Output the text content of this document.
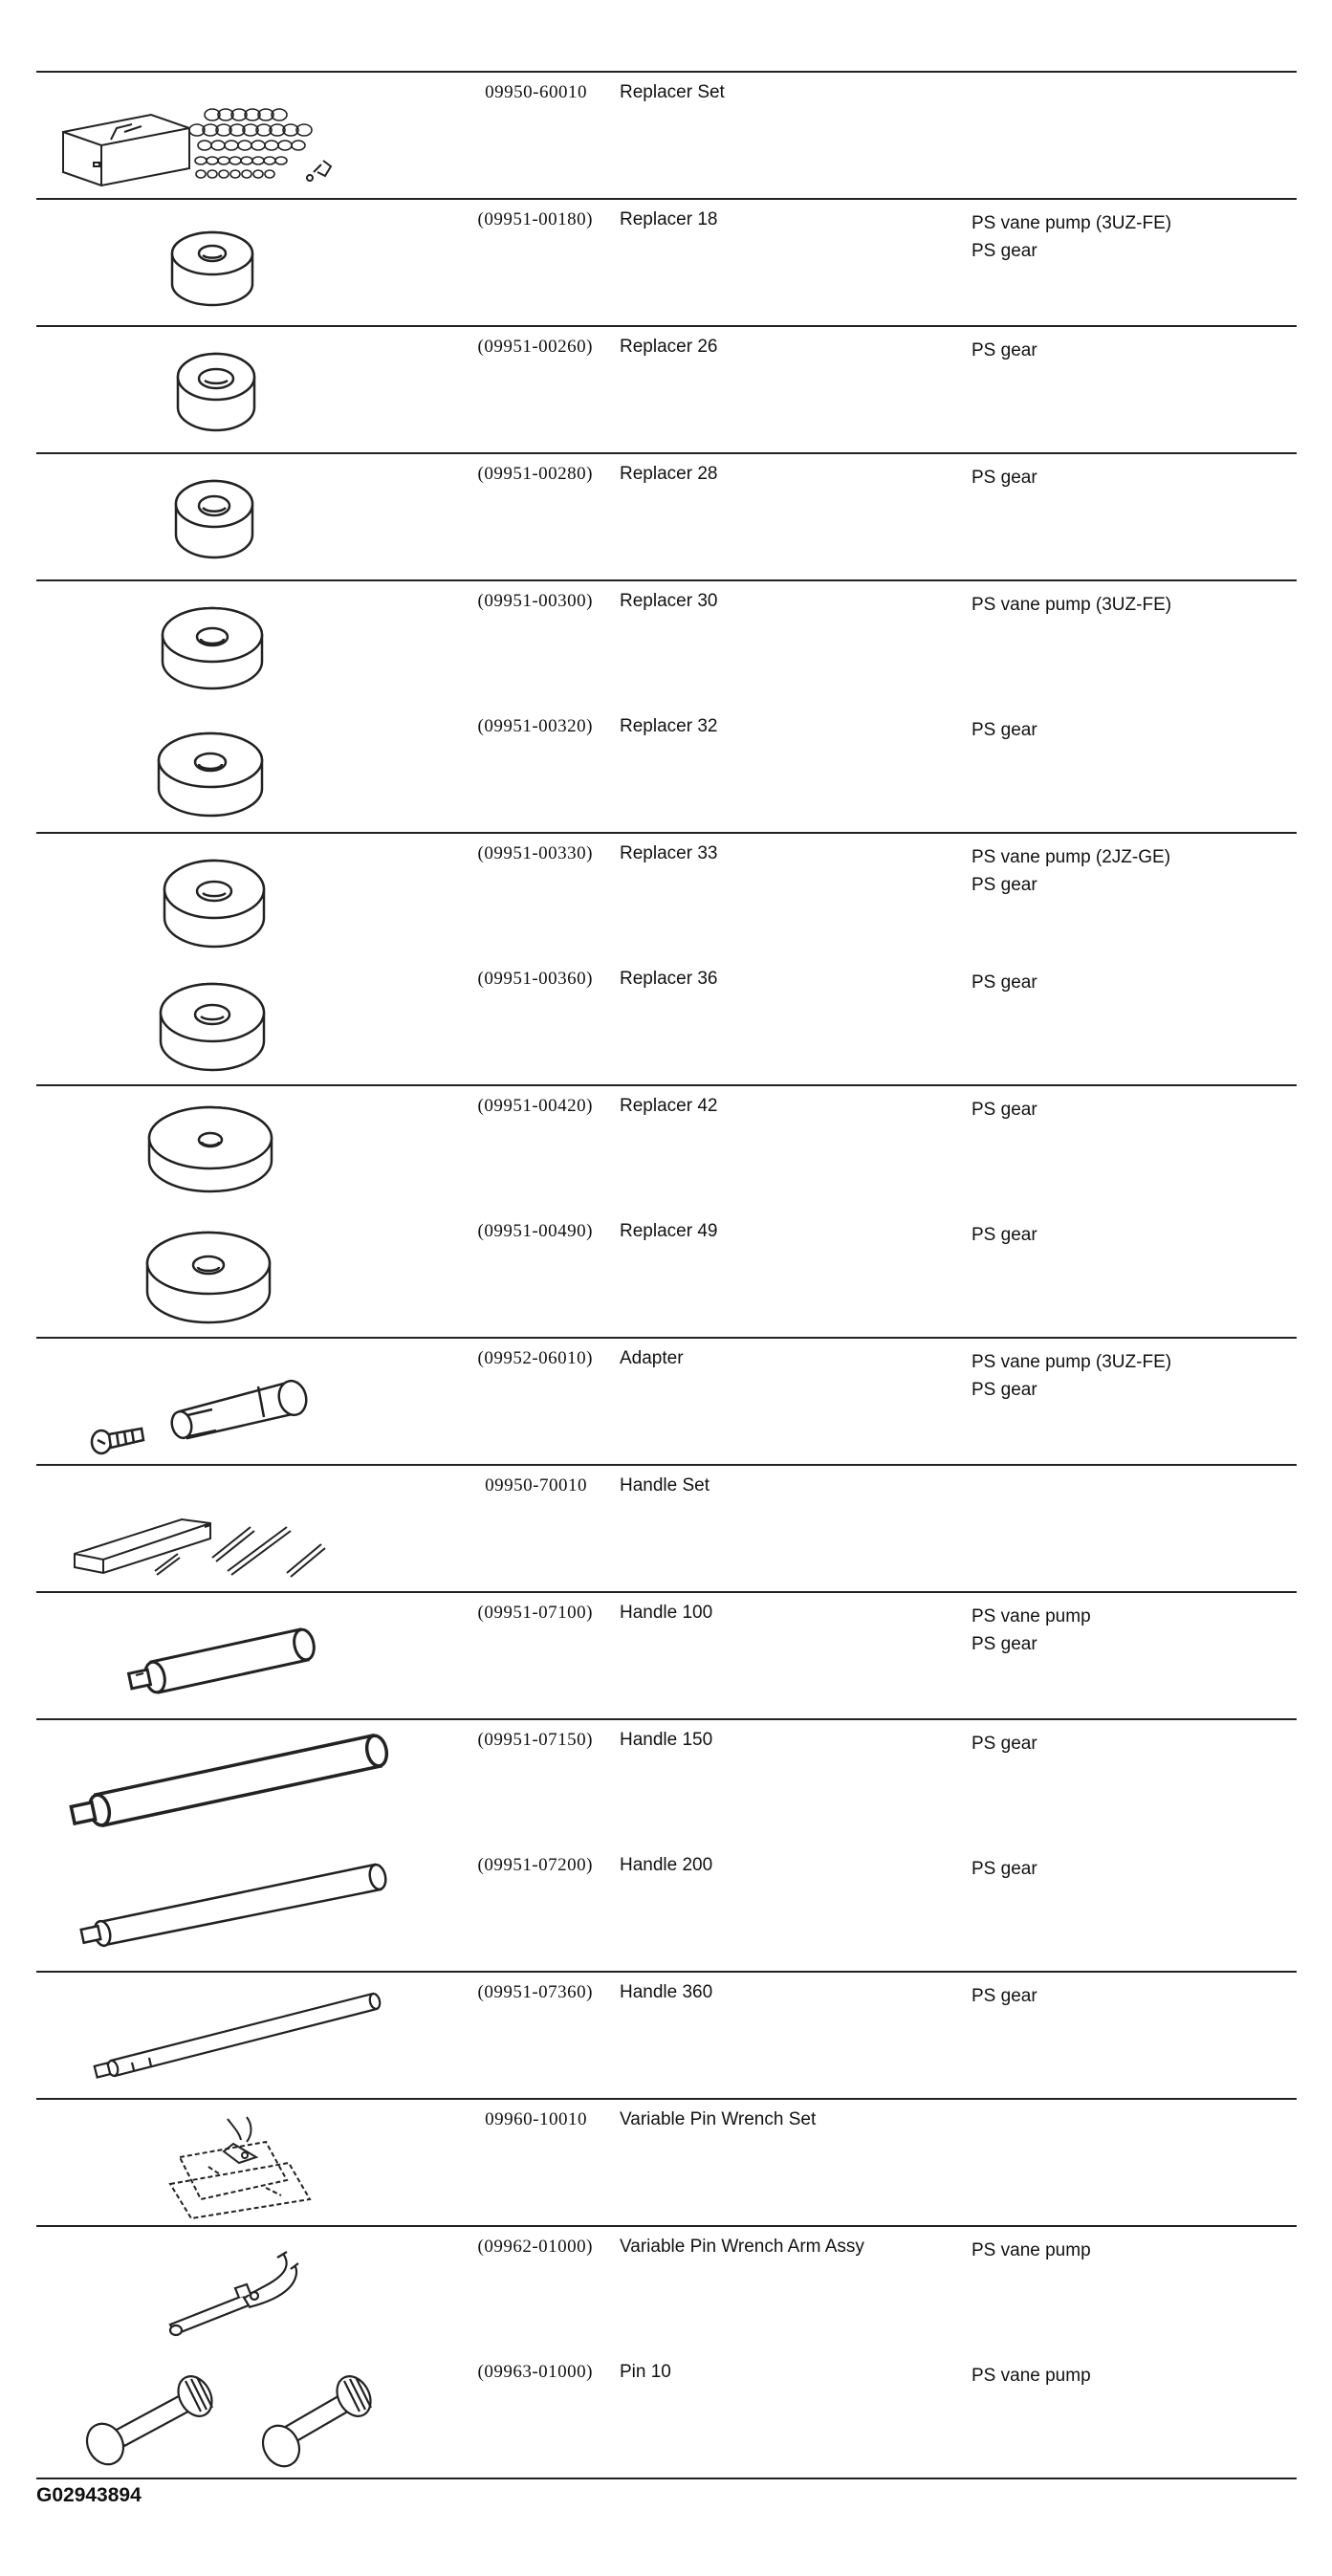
09950-60010	Replacer Set	

(09951-00180)	Replacer 18	PS vane pump (3UZ-FE)
PS gear

(09951-00260)	Replacer 26	PS gear

(09951-00280)	Replacer 28	PS gear

(09951-00300)	Replacer 30	PS vane pump (3UZ-FE)

(09951-00320)	Replacer 32	PS gear

(09951-00330)	Replacer 33	PS vane pump (2JZ-GE)
PS gear

(09951-00360)	Replacer 36	PS gear

(09951-00420)	Replacer 42	PS gear

(09951-00490)	Replacer 49	PS gear

(09952-06010)	Adapter	PS vane pump (3UZ-FE)
PS gear

09950-70010	Handle Set	

(09951-07100)	Handle 100	PS vane pump
PS gear

(09951-07150)	Handle 150	PS gear

(09951-07200)	Handle 200	PS gear

(09951-07360)	Handle 360	PS gear

09960-10010	Variable Pin Wrench Set	

(09962-01000)	Variable Pin Wrench Arm Assy	PS vane pump

(09963-01000)	Pin 10	PS vane pump
G02943894
